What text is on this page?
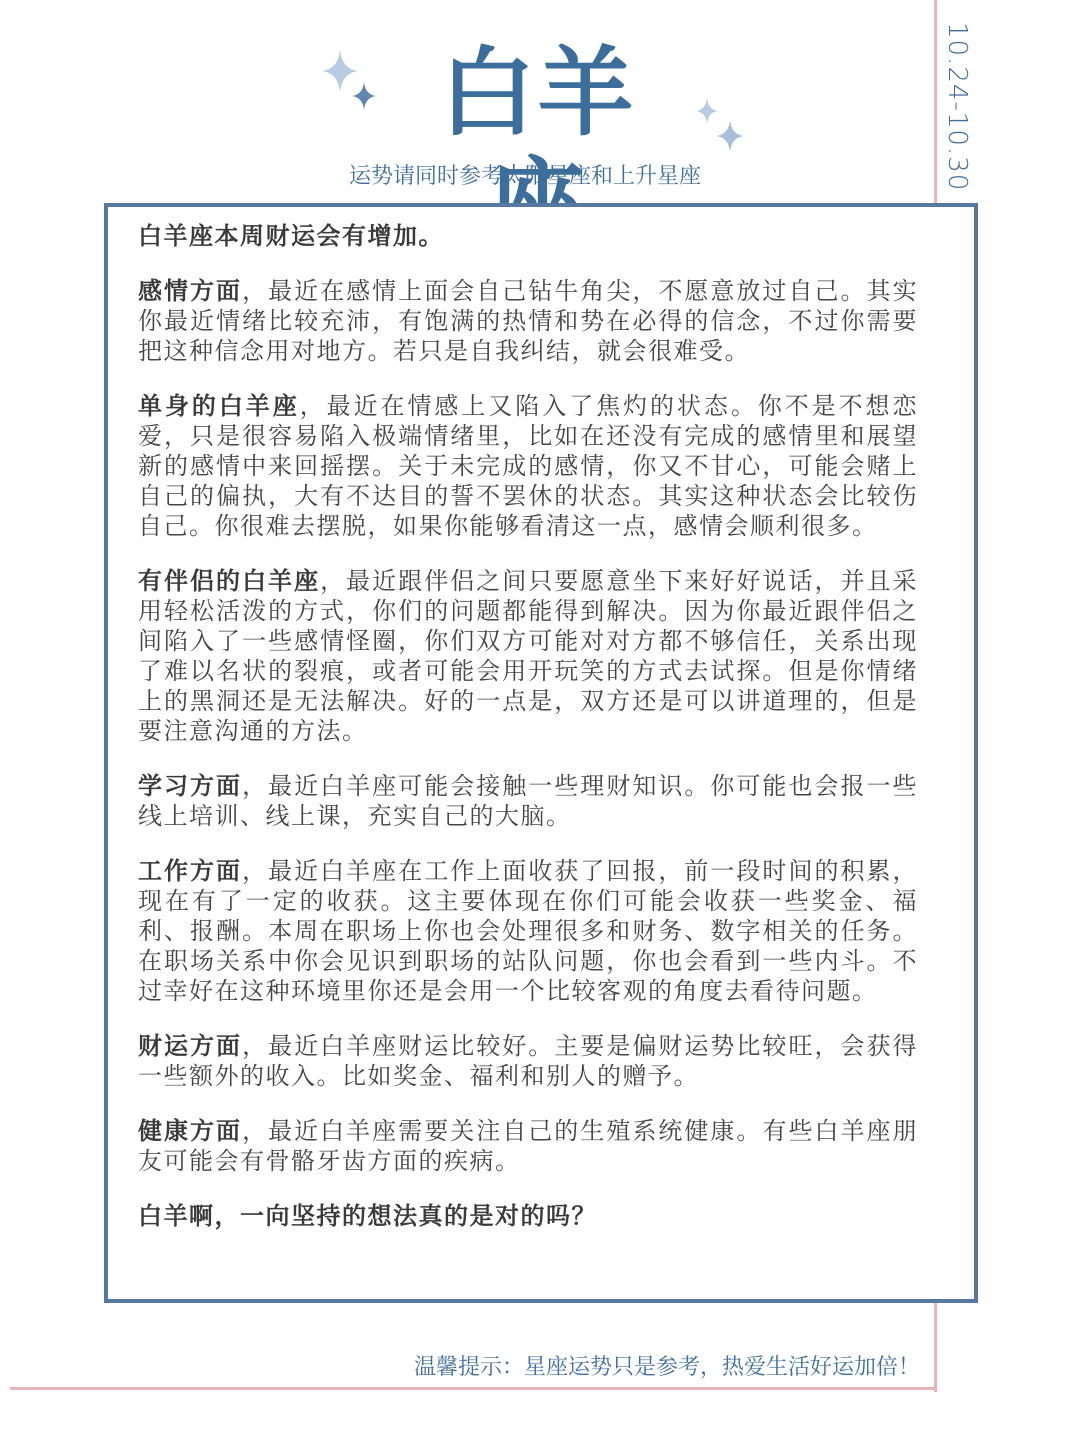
10.24-10.30
白羊
运势请同时参考太阳星座和上升星座

白羊座本周财运会有增加。

感情方面，最近在感情上面会自己钻牛角尖，不愿意放过自己。其实你最近情绪比较充沛，有饱满的热情和势在必得的信念，不过你需要把这种信念用对地方。若只是自我纠结，就会很难受。

单身的白羊座，最近在情感上又陷入了焦灼的状态。你不是不想恋爱，只是很容易陷入极端情绪里，比如在还没有完成的感情里和展望新的感情中来回摇摆。关于未完成的感情，你又不甘心，可能会赌上自己的偏执，大有不达目的誓不罢休的状态。其实这种状态会比较伤自己。你很难去摆脱，如果你能够看清这一点，感情会顺利很多。

有伴侣的白羊座，最近跟伴侣之间只要愿意坐下来好好说话，并且采用轻松活泼的方式，你们的问题都能得到解决。因为你最近跟伴侣之间陷入了一些感情怪圈，你们双方可能对对方都不够信任，关系出现了难以名状的裂痕，或者可能会用开玩笑的方式去试探。但是你情绪上的黑洞还是无法解决。好的一点是，双方还是可以讲道理的，但是要注意沟通的方法。

学习方面，最近白羊座可能会接触一些理财知识。你可能也会报一些线上培训、线上课，充实自己的大脑。

工作方面，最近白羊座在工作上面收获了回报，前一段时间的积累，现在有了一定的收获。这主要体现在你们可能会收获一些奖金、福利、报酬。本周在职场上你也会处理很多和财务、数字相关的任务。在职场关系中你会见识到职场的站队问题，你也会看到一些内斗。不过幸好在这种环境里你还是会用一个比较客观的角度去看待问题。

财运方面，最近白羊座财运比较好。主要是偏财运势比较旺，会获得一些额外的收入。比如奖金、福利和别人的赠予。

健康方面，最近白羊座需要关注自己的生殖系统健康。有些白羊座朋友可能会有骨骼牙齿方面的疾病。

白羊啊，一向坚持的想法真的是对的吗？

温馨提示：星座运势只是参考，热爱生活好运加倍！
